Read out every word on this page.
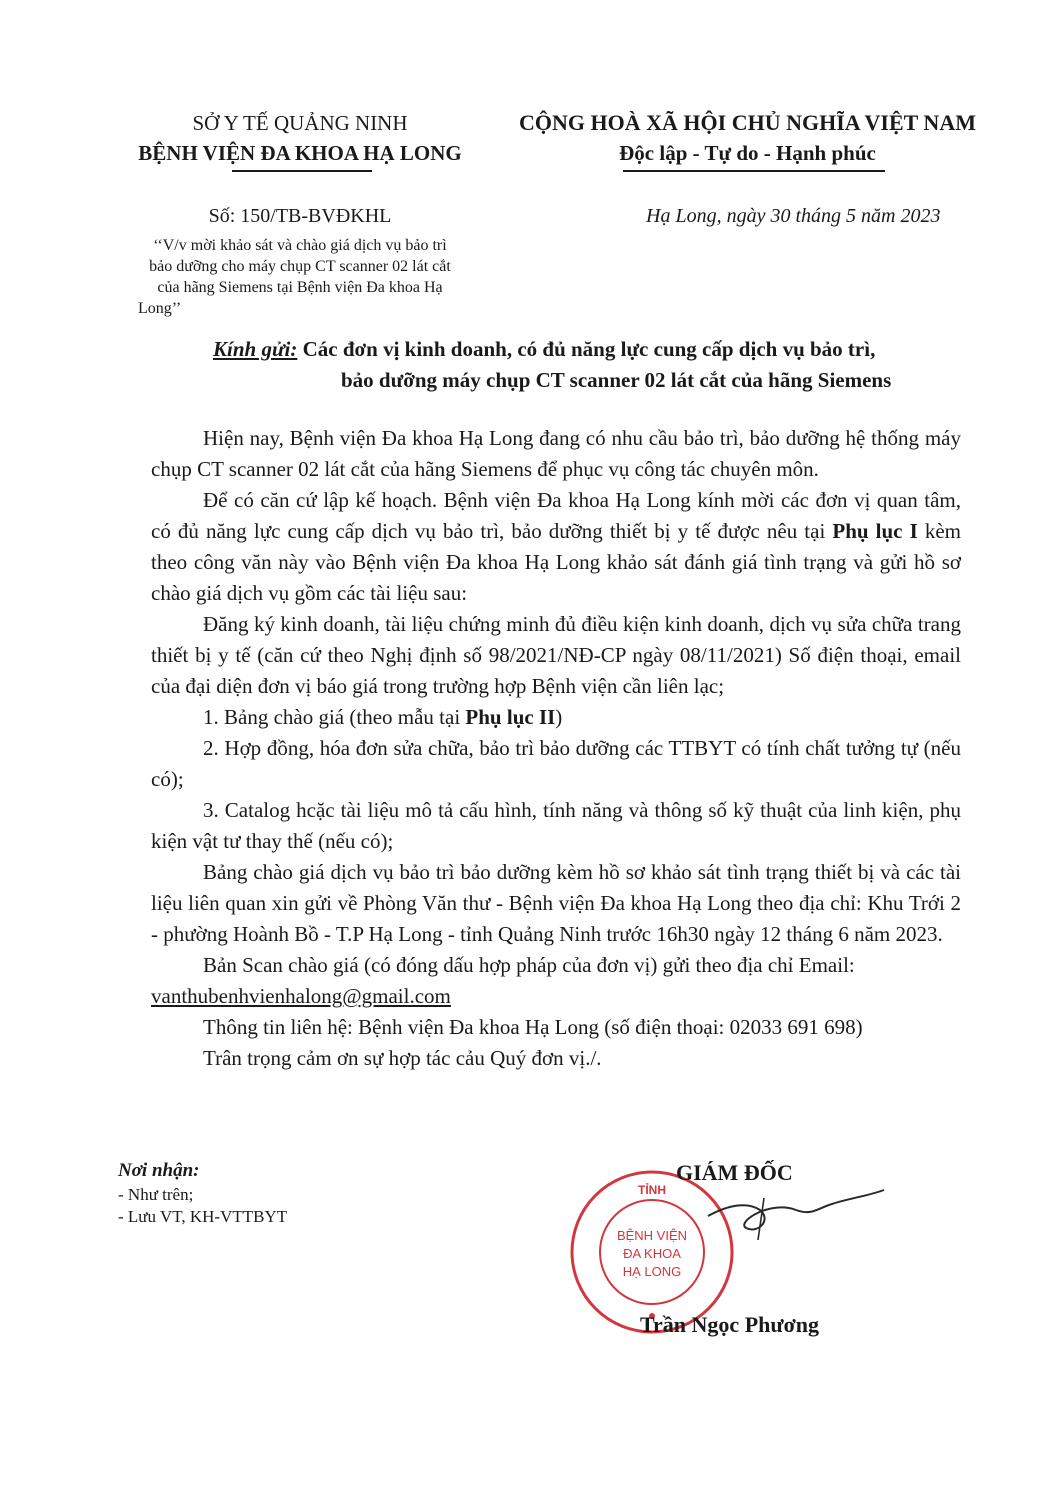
SỞ Y TẾ QUẢNG NINH
BỆNH VIỆN ĐA KHOA HẠ LONG
CỘNG HOÀ XÃ HỘI CHỦ NGHĨA VIỆT NAM
Độc lập - Tự do - Hạnh phúc
Số: 150/TB-BVĐKHL	Hạ Long, ngày 30 tháng 5 năm 2023
‘‘V/v mời khảo sát và chào giá dịch vụ bảo trì
bảo dưỡng cho máy chụp CT scanner 02 lát cắt
của hãng Siemens tại Bệnh viện Đa khoa Hạ
Long’’
Kính gửi: Các đơn vị kinh doanh, có đủ năng lực cung cấp dịch vụ bảo trì,
bảo dưỡng máy chụp CT scanner 02 lát cắt của hãng Siemens

Hiện nay, Bệnh viện Đa khoa Hạ Long đang có nhu cầu bảo trì, bảo dưỡng hệ thống máy chụp CT scanner 02 lát cắt của hãng Siemens để phục vụ công tác chuyên môn.

Để có căn cứ lập kế hoạch. Bệnh viện Đa khoa Hạ Long kính mời các đơn vị quan tâm, có đủ năng lực cung cấp dịch vụ bảo trì, bảo dưỡng thiết bị y tế được nêu tại Phụ lục I kèm theo công văn này vào Bệnh viện Đa khoa Hạ Long khảo sát đánh giá tình trạng và gửi hồ sơ chào giá dịch vụ gồm các tài liệu sau:

Đăng ký kinh doanh, tài liệu chứng minh đủ điều kiện kinh doanh, dịch vụ sửa chữa trang thiết bị y tế (căn cứ theo Nghị định số 98/2021/NĐ-CP ngày 08/11/2021) Số điện thoại, email của đại diện đơn vị báo giá trong trường hợp Bệnh viện cần liên lạc;

1. Bảng chào giá (theo mẫu tại Phụ lục II)

2. Hợp đồng, hóa đơn sửa chữa, bảo trì bảo dưỡng các TTBYT có tính chất tưởng tự (nếu có);

3. Catalog hcặc tài liệu mô tả cấu hình, tính năng và thông số kỹ thuật của linh kiện, phụ kiện vật tư thay thế (nếu có);

Bảng chào giá dịch vụ bảo trì bảo dưỡng kèm hồ sơ khảo sát tình trạng thiết bị và các tài liệu liên quan xin gửi về Phòng Văn thư - Bệnh viện Đa khoa Hạ Long theo địa chỉ: Khu Trới 2 - phường Hoành Bồ - T.P Hạ Long - tỉnh Quảng Ninh trước 16h30 ngày 12 tháng 6 năm 2023.

Bản Scan chào giá (có đóng dấu hợp pháp của đơn vị) gửi theo địa chỉ Email:

vanthubenhvienhalong@gmail.com

Thông tin liên hệ: Bệnh viện Đa khoa Hạ Long (số điện thoại: 02033 691 698)

Trân trọng cảm ơn sự hợp tác cảu Quý đơn vị./.

Nơi nhận:
- Như trên;
- Lưu VT, KH-VTTBYT
TỈNH
BỆNH VIỆN
ĐA KHOA
HẠ LONG
GIÁM ĐỐC
Trần Ngọc Phương
